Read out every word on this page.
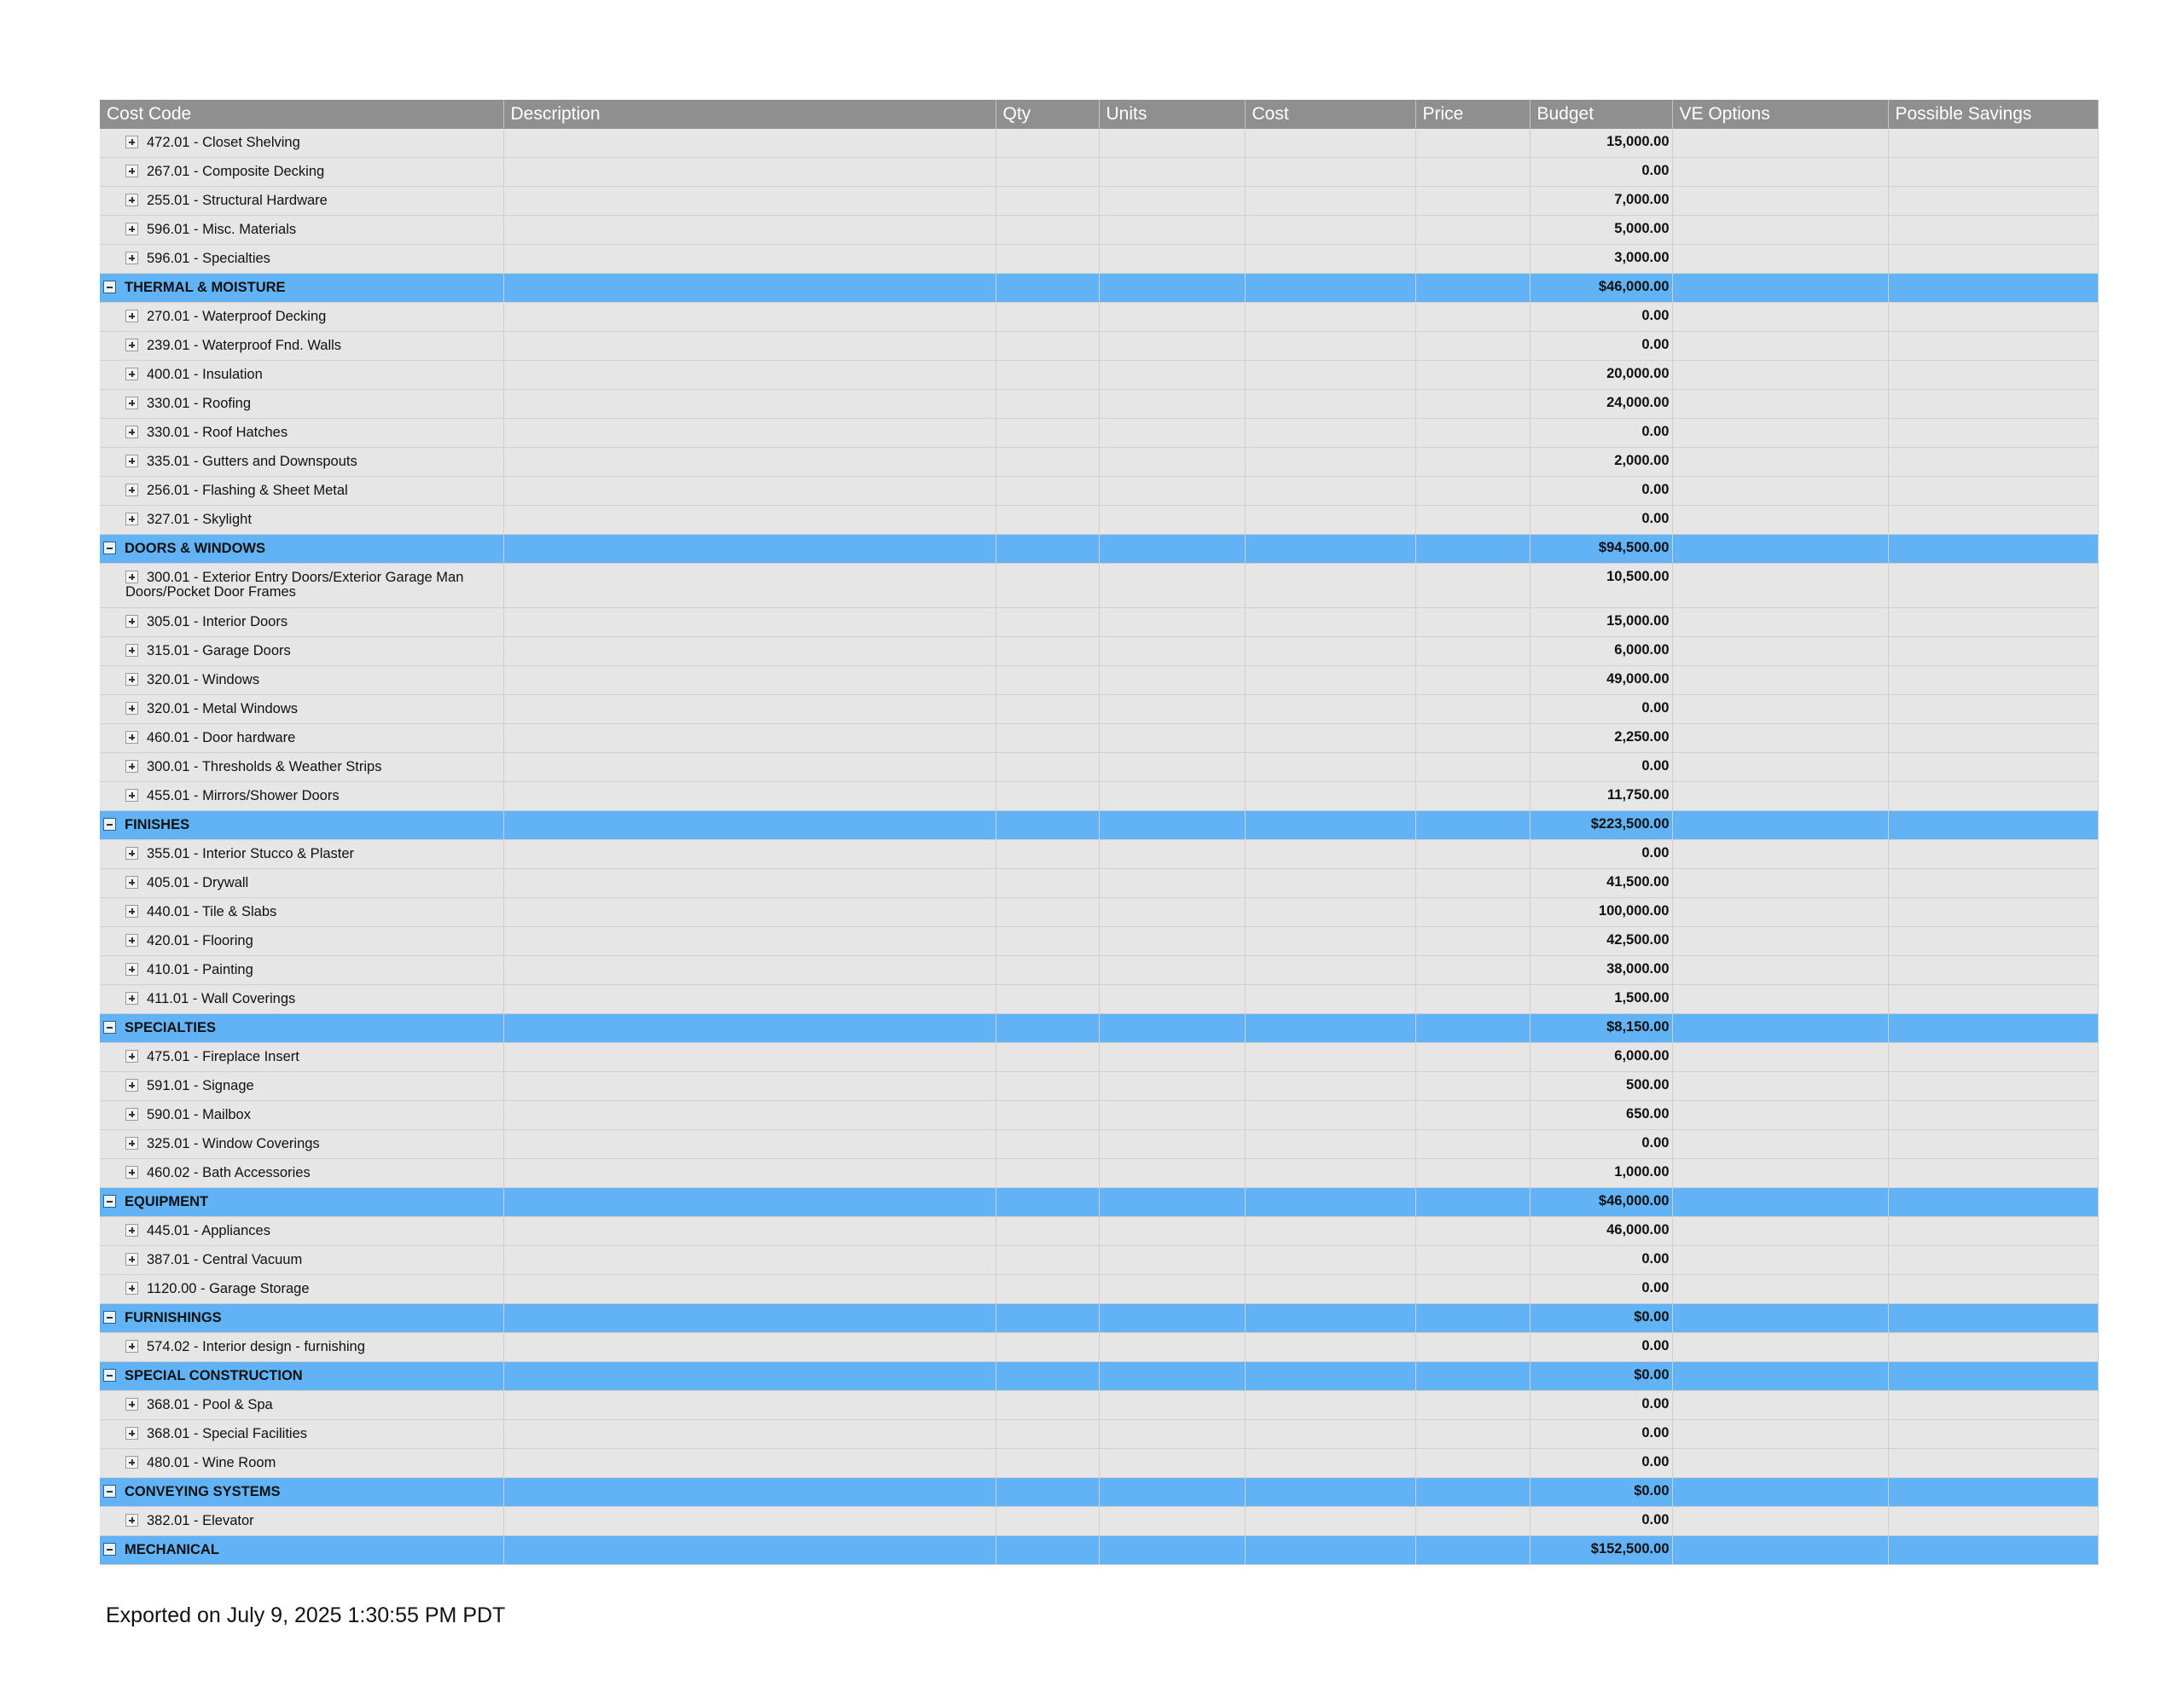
Cost Code	Description	Qty	Units	Cost	Price	Budget	VE Options	Possible Savings

472.01 - Closet Shelving						15,000.00		

267.01 - Composite Decking						0.00		

255.01 - Structural Hardware						7,000.00		

596.01 - Misc. Materials						5,000.00		

596.01 - Specialties						3,000.00		

THERMAL & MOISTURE						$46,000.00		

270.01 - Waterproof Decking						0.00		

239.01 - Waterproof Fnd. Walls						0.00		

400.01 - Insulation						20,000.00		

330.01 - Roofing						24,000.00		

330.01 - Roof Hatches						0.00		

335.01 - Gutters and Downspouts						2,000.00		

256.01 - Flashing & Sheet Metal						0.00		

327.01 - Skylight						0.00		

DOORS & WINDOWS						$94,500.00		

300.01 - Exterior Entry Doors/Exterior Garage Man Doors/Pocket Door Frames						10,500.00		

305.01 - Interior Doors						15,000.00		

315.01 - Garage Doors						6,000.00		

320.01 - Windows						49,000.00		

320.01 - Metal Windows						0.00		

460.01 - Door hardware						2,250.00		

300.01 - Thresholds & Weather Strips						0.00		

455.01 - Mirrors/Shower Doors						11,750.00		

FINISHES						$223,500.00		

355.01 - Interior Stucco & Plaster						0.00		

405.01 - Drywall						41,500.00		

440.01 - Tile & Slabs						100,000.00		

420.01 - Flooring						42,500.00		

410.01 - Painting						38,000.00		

411.01 - Wall Coverings						1,500.00		

SPECIALTIES						$8,150.00		

475.01 - Fireplace Insert						6,000.00		

591.01 - Signage						500.00		

590.01 - Mailbox						650.00		

325.01 - Window Coverings						0.00		

460.02 - Bath Accessories						1,000.00		

EQUIPMENT						$46,000.00		

445.01 - Appliances						46,000.00		

387.01 - Central Vacuum						0.00		

1120.00 - Garage Storage						0.00		

FURNISHINGS						$0.00		

574.02 - Interior design - furnishing						0.00		

SPECIAL CONSTRUCTION						$0.00		

368.01 - Pool & Spa						0.00		

368.01 - Special Facilities						0.00		

480.01 - Wine Room						0.00		

CONVEYING SYSTEMS						$0.00		

382.01 - Elevator						0.00		

MECHANICAL						$152,500.00		

Exported on July 9, 2025 1:30:55 PM PDT
